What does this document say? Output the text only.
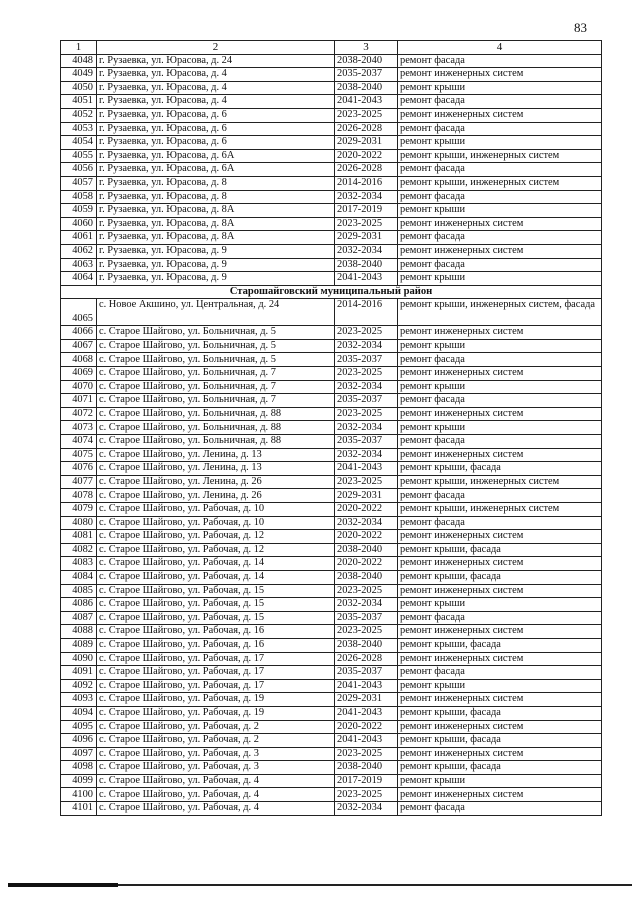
83
1	2	3	4
4048	г. Рузаевка, ул. Юрасова, д. 24	2038-2040	ремонт фасада
4049	г. Рузаевка, ул. Юрасова, д. 4	2035-2037	ремонт инженерных систем
4050	г. Рузаевка, ул. Юрасова, д. 4	2038-2040	ремонт крыши
4051	г. Рузаевка, ул. Юрасова, д. 4	2041-2043	ремонт фасада
4052	г. Рузаевка, ул. Юрасова, д. 6	2023-2025	ремонт инженерных систем
4053	г. Рузаевка, ул. Юрасова, д. 6	2026-2028	ремонт фасада
4054	г. Рузаевка, ул. Юрасова, д. 6	2029-2031	ремонт крыши
4055	г. Рузаевка, ул. Юрасова, д. 6А	2020-2022	ремонт крыши, инженерных систем
4056	г. Рузаевка, ул. Юрасова, д. 6А	2026-2028	ремонт фасада
4057	г. Рузаевка, ул. Юрасова, д. 8	2014-2016	ремонт крыши, инженерных систем
4058	г. Рузаевка, ул. Юрасова, д. 8	2032-2034	ремонт фасада
4059	г. Рузаевка, ул. Юрасова, д. 8А	2017-2019	ремонт крыши
4060	г. Рузаевка, ул. Юрасова, д. 8А	2023-2025	ремонт инженерных систем
4061	г. Рузаевка, ул. Юрасова, д. 8А	2029-2031	ремонт фасада
4062	г. Рузаевка, ул. Юрасова, д. 9	2032-2034	ремонт инженерных систем
4063	г. Рузаевка, ул. Юрасова, д. 9	2038-2040	ремонт фасада
4064	г. Рузаевка, ул. Юрасова, д. 9	2041-2043	ремонт крыши
Старошайговский муниципальный район			
4065	с. Новое Акшино, ул. Центральная, д. 24	2014-2016	ремонт крыши, инженерных систем, фасада
4066	с. Старое Шайгово, ул. Больничная, д. 5	2023-2025	ремонт инженерных систем
4067	с. Старое Шайгово, ул. Больничная, д. 5	2032-2034	ремонт крыши
4068	с. Старое Шайгово, ул. Больничная, д. 5	2035-2037	ремонт фасада
4069	с. Старое Шайгово, ул. Больничная, д. 7	2023-2025	ремонт инженерных систем
4070	с. Старое Шайгово, ул. Больничная, д. 7	2032-2034	ремонт крыши
4071	с. Старое Шайгово, ул. Больничная, д. 7	2035-2037	ремонт фасада
4072	с. Старое Шайгово, ул. Больничная, д. 88	2023-2025	ремонт инженерных систем
4073	с. Старое Шайгово, ул. Больничная, д. 88	2032-2034	ремонт крыши
4074	с. Старое Шайгово, ул. Больничная, д. 88	2035-2037	ремонт фасада
4075	с. Старое Шайгово, ул. Ленина, д. 13	2032-2034	ремонт инженерных систем
4076	с. Старое Шайгово, ул. Ленина, д. 13	2041-2043	ремонт крыши, фасада
4077	с. Старое Шайгово, ул. Ленина, д. 26	2023-2025	ремонт крыши, инженерных систем
4078	с. Старое Шайгово, ул. Ленина, д. 26	2029-2031	ремонт фасада
4079	с. Старое Шайгово, ул. Рабочая, д. 10	2020-2022	ремонт крыши, инженерных систем
4080	с. Старое Шайгово, ул. Рабочая, д. 10	2032-2034	ремонт фасада
4081	с. Старое Шайгово, ул. Рабочая, д. 12	2020-2022	ремонт инженерных систем
4082	с. Старое Шайгово, ул. Рабочая, д. 12	2038-2040	ремонт крыши, фасада
4083	с. Старое Шайгово, ул. Рабочая, д. 14	2020-2022	ремонт инженерных систем
4084	с. Старое Шайгово, ул. Рабочая, д. 14	2038-2040	ремонт крыши, фасада
4085	с. Старое Шайгово, ул. Рабочая, д. 15	2023-2025	ремонт инженерных систем
4086	с. Старое Шайгово, ул. Рабочая, д. 15	2032-2034	ремонт крыши
4087	с. Старое Шайгово, ул. Рабочая, д. 15	2035-2037	ремонт фасада
4088	с. Старое Шайгово, ул. Рабочая, д. 16	2023-2025	ремонт инженерных систем
4089	с. Старое Шайгово, ул. Рабочая, д. 16	2038-2040	ремонт крыши, фасада
4090	с. Старое Шайгово, ул. Рабочая, д. 17	2026-2028	ремонт инженерных систем
4091	с. Старое Шайгово, ул. Рабочая, д. 17	2035-2037	ремонт фасада
4092	с. Старое Шайгово, ул. Рабочая, д. 17	2041-2043	ремонт крыши
4093	с. Старое Шайгово, ул. Рабочая, д. 19	2029-2031	ремонт инженерных систем
4094	с. Старое Шайгово, ул. Рабочая, д. 19	2041-2043	ремонт крыши, фасада
4095	с. Старое Шайгово, ул. Рабочая, д. 2	2020-2022	ремонт инженерных систем
4096	с. Старое Шайгово, ул. Рабочая, д. 2	2041-2043	ремонт крыши, фасада
4097	с. Старое Шайгово, ул. Рабочая, д. 3	2023-2025	ремонт инженерных систем
4098	с. Старое Шайгово, ул. Рабочая, д. 3	2038-2040	ремонт крыши, фасада
4099	с. Старое Шайгово, ул. Рабочая, д. 4	2017-2019	ремонт крыши
4100	с. Старое Шайгово, ул. Рабочая, д. 4	2023-2025	ремонт инженерных систем
4101	с. Старое Шайгово, ул. Рабочая, д. 4	2032-2034	ремонт фасада
